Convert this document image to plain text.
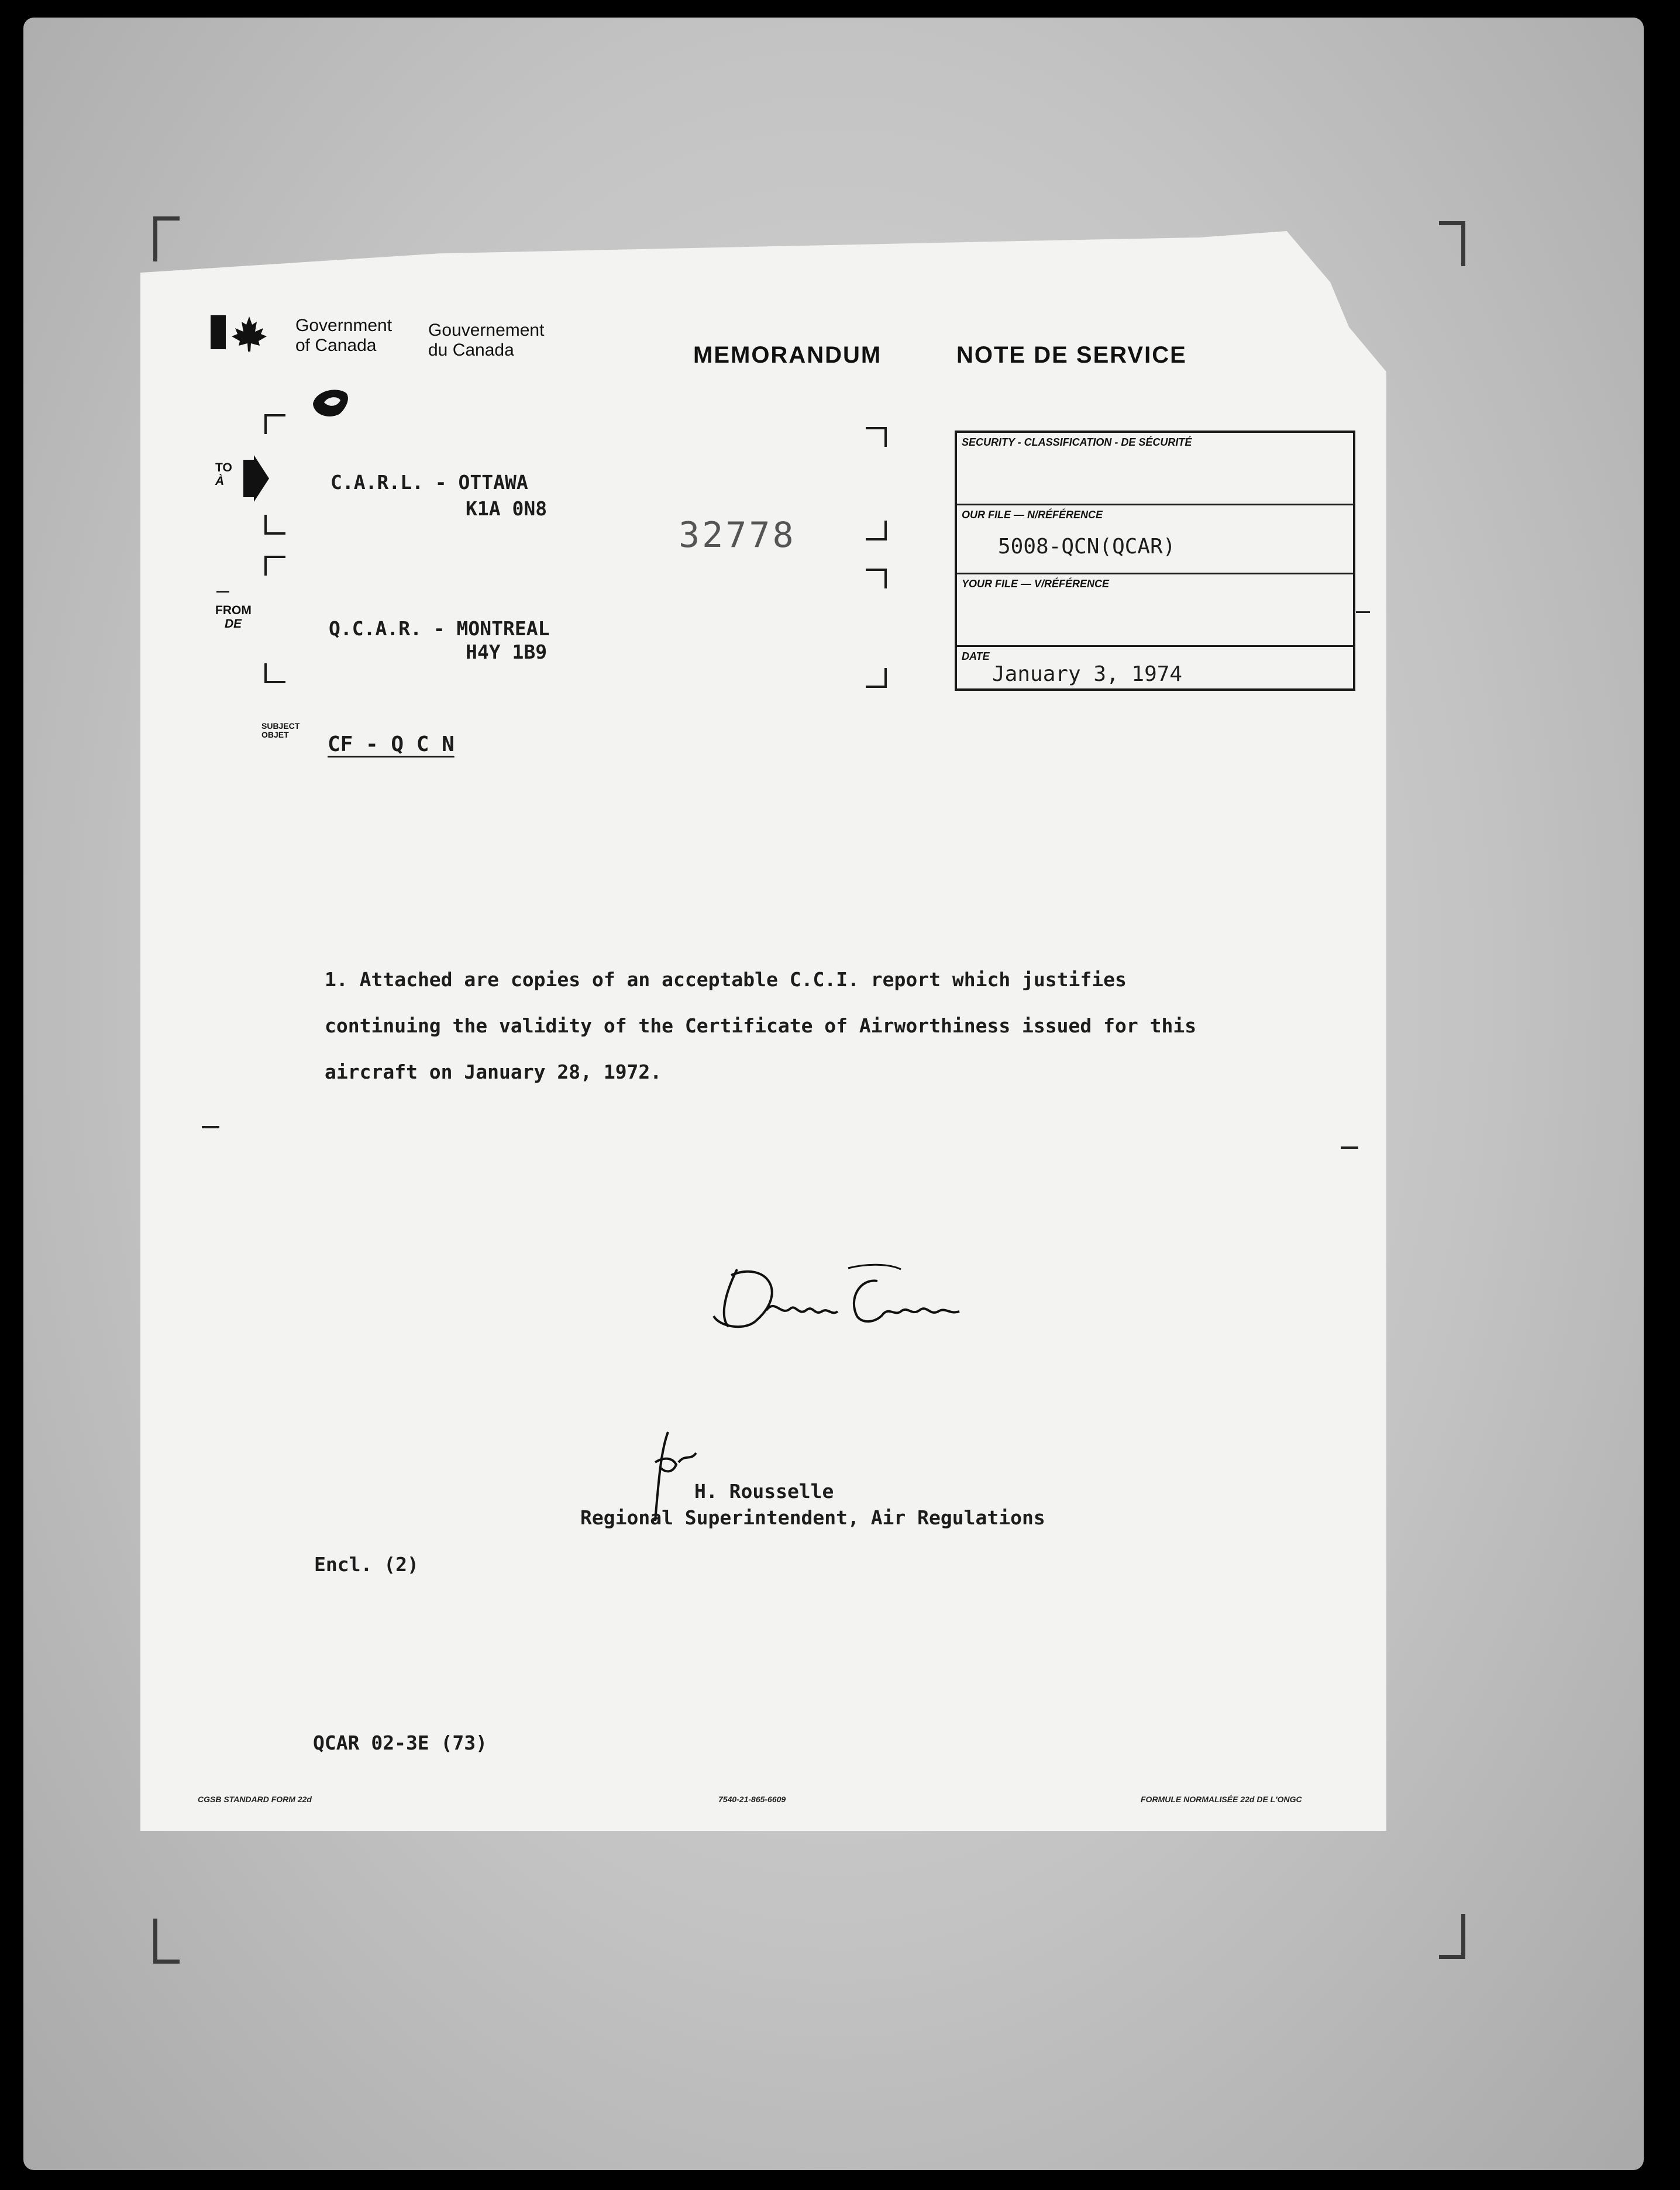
Government
of Canada
Gouvernement
du Canada	MEMORANDUM	NOTE DE SERVICE
TO
À	C.A.R.L. - OTTAWA
K1A 0N8
FROM
DE	Q.C.A.R. - MONTREAL
H4Y 1B9
SUBJECT
OBJET	CF - Q C N
32778
SECURITY - CLASSIFICATION - DE SÉCURITÉ
OUR FILE — N/RÉFÉRENCE
5008-QCN(QCAR)
YOUR FILE — V/RÉFÉRENCE
DATE
January 3, 1974
1. Attached are copies of an acceptable C.C.I. report which justifies
continuing the validity of the Certificate of Airworthiness issued for this
aircraft on January 28, 1972.
H. Rousselle
Regional Superintendent, Air Regulations
Encl. (2)
QCAR 02-3E (73)
CGSB STANDARD FORM 22d	7540-21-865-6609	FORMULE NORMALISÉE 22d DE L'ONGC
